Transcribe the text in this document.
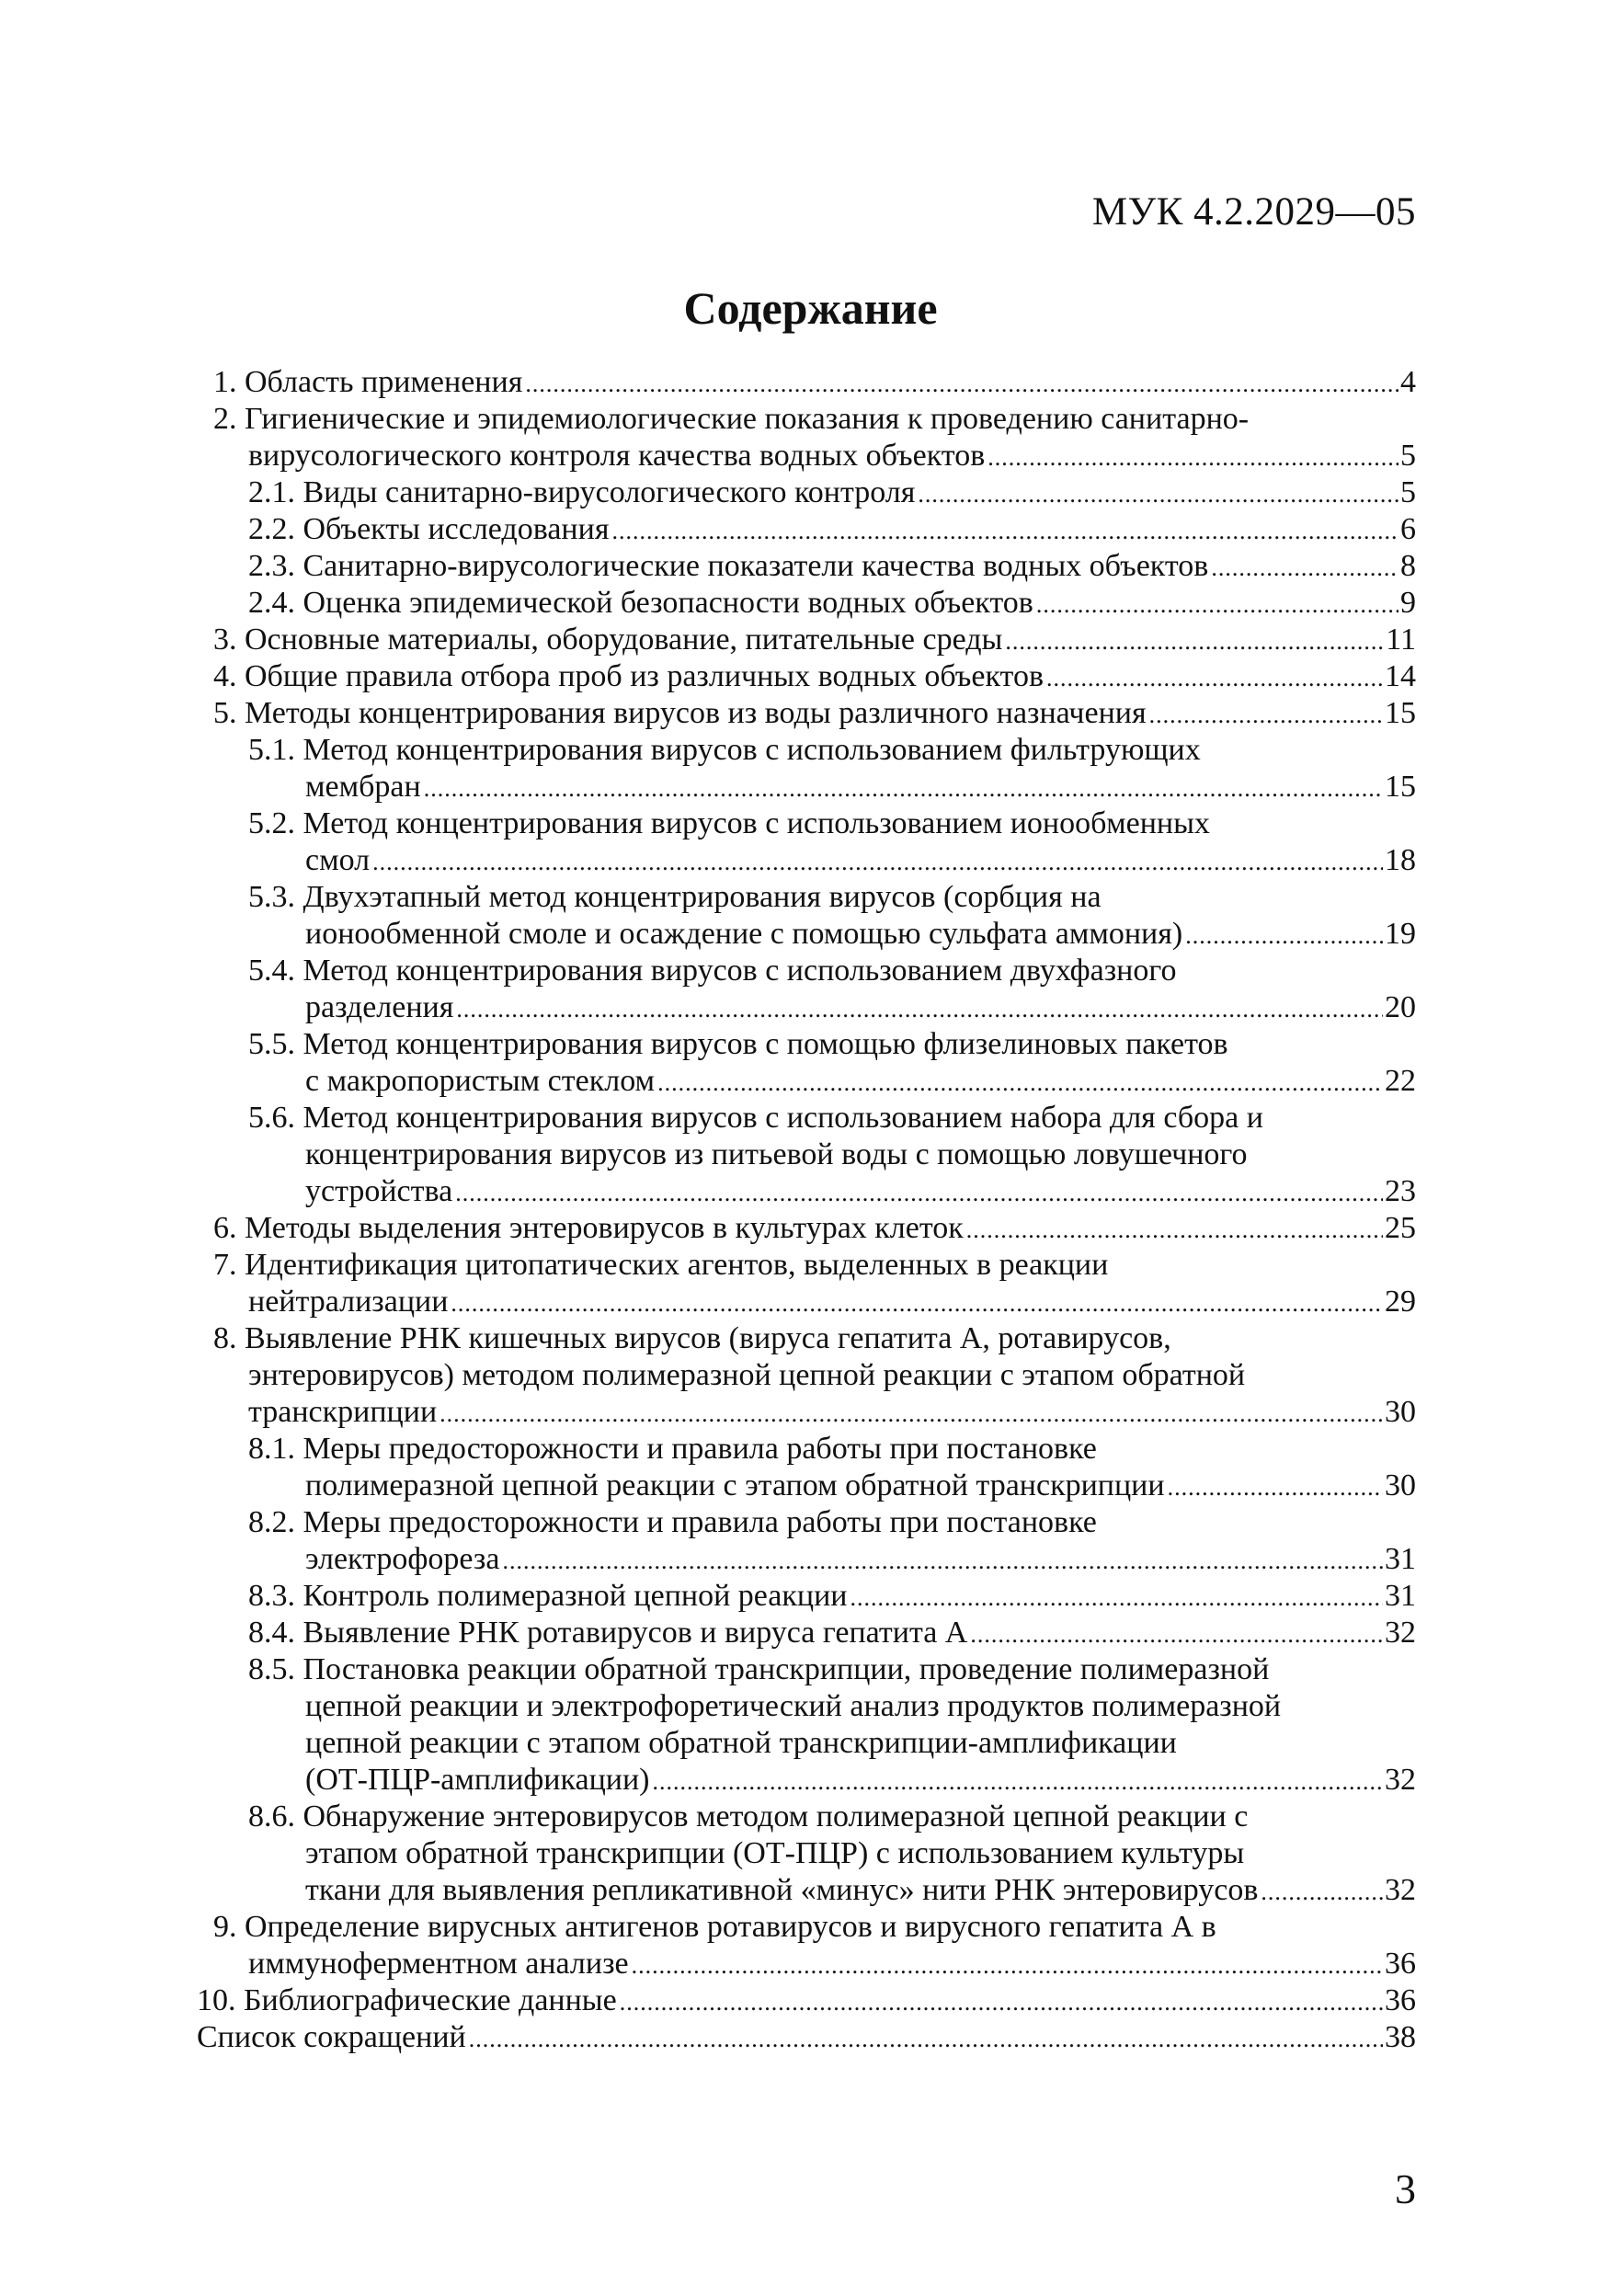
МУК 4.2.2029—05
Содержание
1. Область применения .....	4
2. Гигиенические и эпидемиологические показания к проведению санитарно-
вирусологического контроля качества водных объектов .....	5
2.1. Виды санитарно-вирусологического контроля .....	5
2.2. Объекты исследования .....	6
2.3. Санитарно-вирусологические показатели качества водных объектов .....	8
2.4. Оценка эпидемической безопасности водных объектов .....	9
3. Основные материалы, оборудование, питательные среды .....	11
4. Общие правила отбора проб из различных водных объектов .....	14
5. Методы концентрирования вирусов из воды различного назначения .....	15
5.1. Метод концентрирования вирусов с использованием фильтрующих
мембран .....	15
5.2. Метод концентрирования вирусов с использованием ионообменных
смол .....	18
5.3. Двухэтапный метод концентрирования вирусов (сорбция на
ионообменной смоле и осаждение с помощью сульфата аммония) .....	19
5.4. Метод концентрирования вирусов с использованием двухфазного
разделения .....	20
5.5. Метод концентрирования вирусов с помощью флизелиновых пакетов
с макропористым стеклом .....	22
5.6. Метод концентрирования вирусов с использованием набора для сбора и
концентрирования вирусов из питьевой воды с помощью ловушечного
устройства .....	23
6. Методы выделения энтеровирусов в культурах клеток .....	25
7. Идентификация цитопатических агентов, выделенных в реакции
нейтрализации .....	29
8. Выявление РНК кишечных вирусов (вируса гепатита А, ротавирусов,
энтеровирусов) методом полимеразной цепной реакции с этапом обратной
транскрипции .....	30
8.1. Меры предосторожности и правила работы при постановке
полимеразной цепной реакции с этапом обратной транскрипции .....	30
8.2. Меры предосторожности и правила работы при постановке
электрофореза .....	31
8.3. Контроль полимеразной цепной реакции .....	31
8.4. Выявление РНК ротавирусов и вируса гепатита А .....	32
8.5. Постановка реакции обратной транскрипции, проведение полимеразной
цепной реакции и электрофоретический анализ продуктов полимеразной
цепной реакции с этапом обратной транскрипции-амплификации
(ОТ-ПЦР-амплификации) .....	32
8.6. Обнаружение энтеровирусов методом полимеразной цепной реакции с
этапом обратной транскрипции (ОТ-ПЦР) с использованием культуры
ткани для выявления репликативной «минус» нити РНК энтеровирусов .....	32
9. Определение вирусных антигенов ротавирусов и вирусного гепатита А в
иммуноферментном анализе .....	36
10. Библиографические данные .....	36
Список сокращений .....	38
3
